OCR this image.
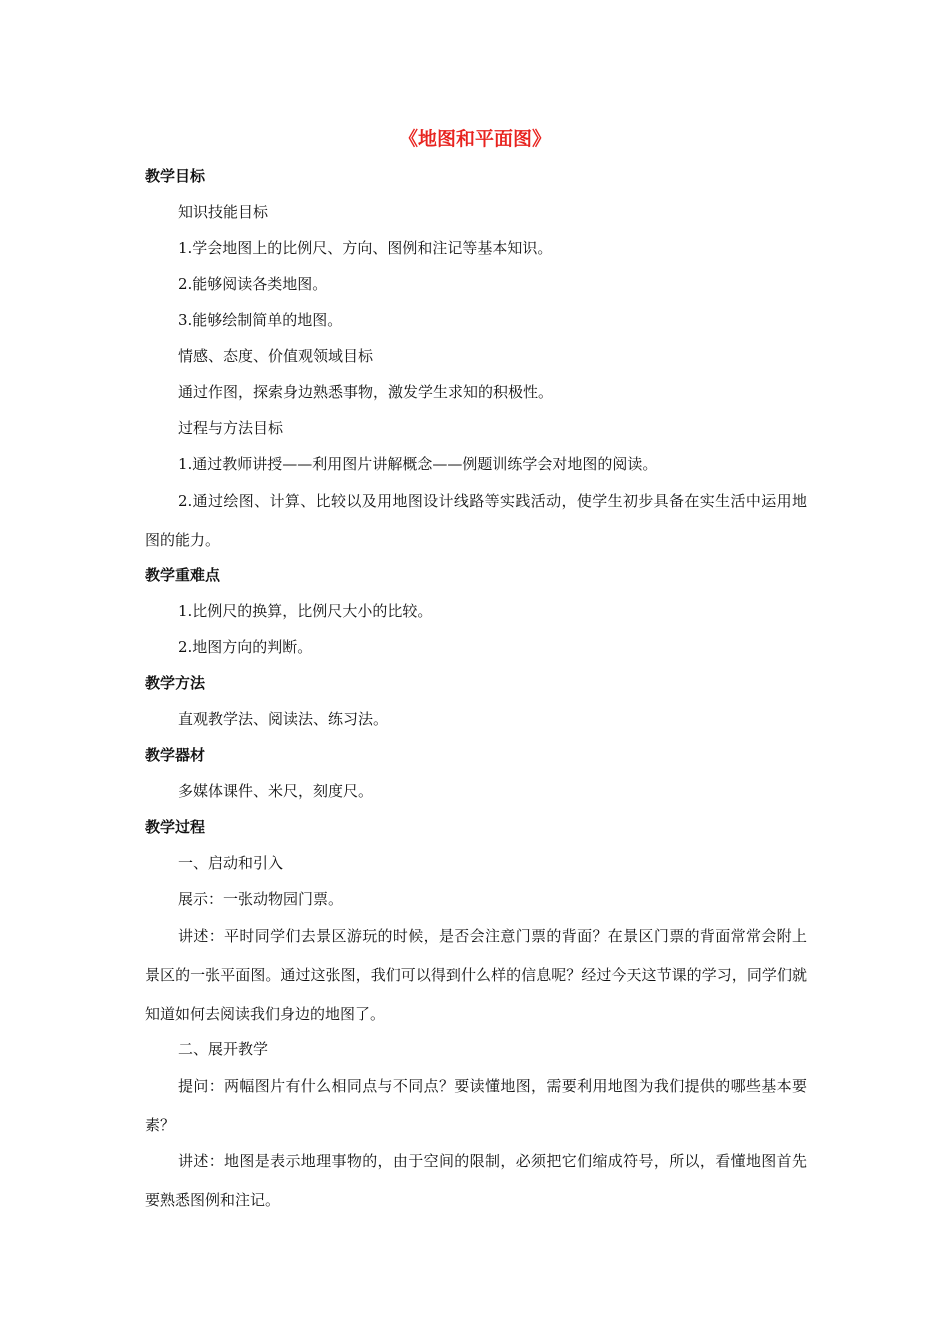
《地图和平面图》

教学目标

知识技能目标

1.学会地图上的比例尺、方向、图例和注记等基本知识。

2.能够阅读各类地图。

3.能够绘制简单的地图。

情感、态度、价值观领域目标

通过作图，探索身边熟悉事物，激发学生求知的积极性。

过程与方法目标

1.通过教师讲授——利用图片讲解概念——例题训练学会对地图的阅读。

2.通过绘图、计算、比较以及用地图设计线路等实践活动，使学生初步具备在实生活中运用地图的能力。

教学重难点

1.比例尺的换算，比例尺大小的比较。

2.地图方向的判断。

教学方法

直观教学法、阅读法、练习法。

教学器材

多媒体课件、米尺，刻度尺。

教学过程

一、启动和引入

展示：一张动物园门票。

讲述：平时同学们去景区游玩的时候，是否会注意门票的背面？在景区门票的背面常常会附上景区的一张平面图。通过这张图，我们可以得到什么样的信息呢？经过今天这节课的学习，同学们就知道如何去阅读我们身边的地图了。

二、展开教学

提问：两幅图片有什么相同点与不同点？要读懂地图，需要利用地图为我们提供的哪些基本要素？

讲述：地图是表示地理事物的，由于空间的限制，必须把它们缩成符号，所以，看懂地图首先要熟悉图例和注记。
